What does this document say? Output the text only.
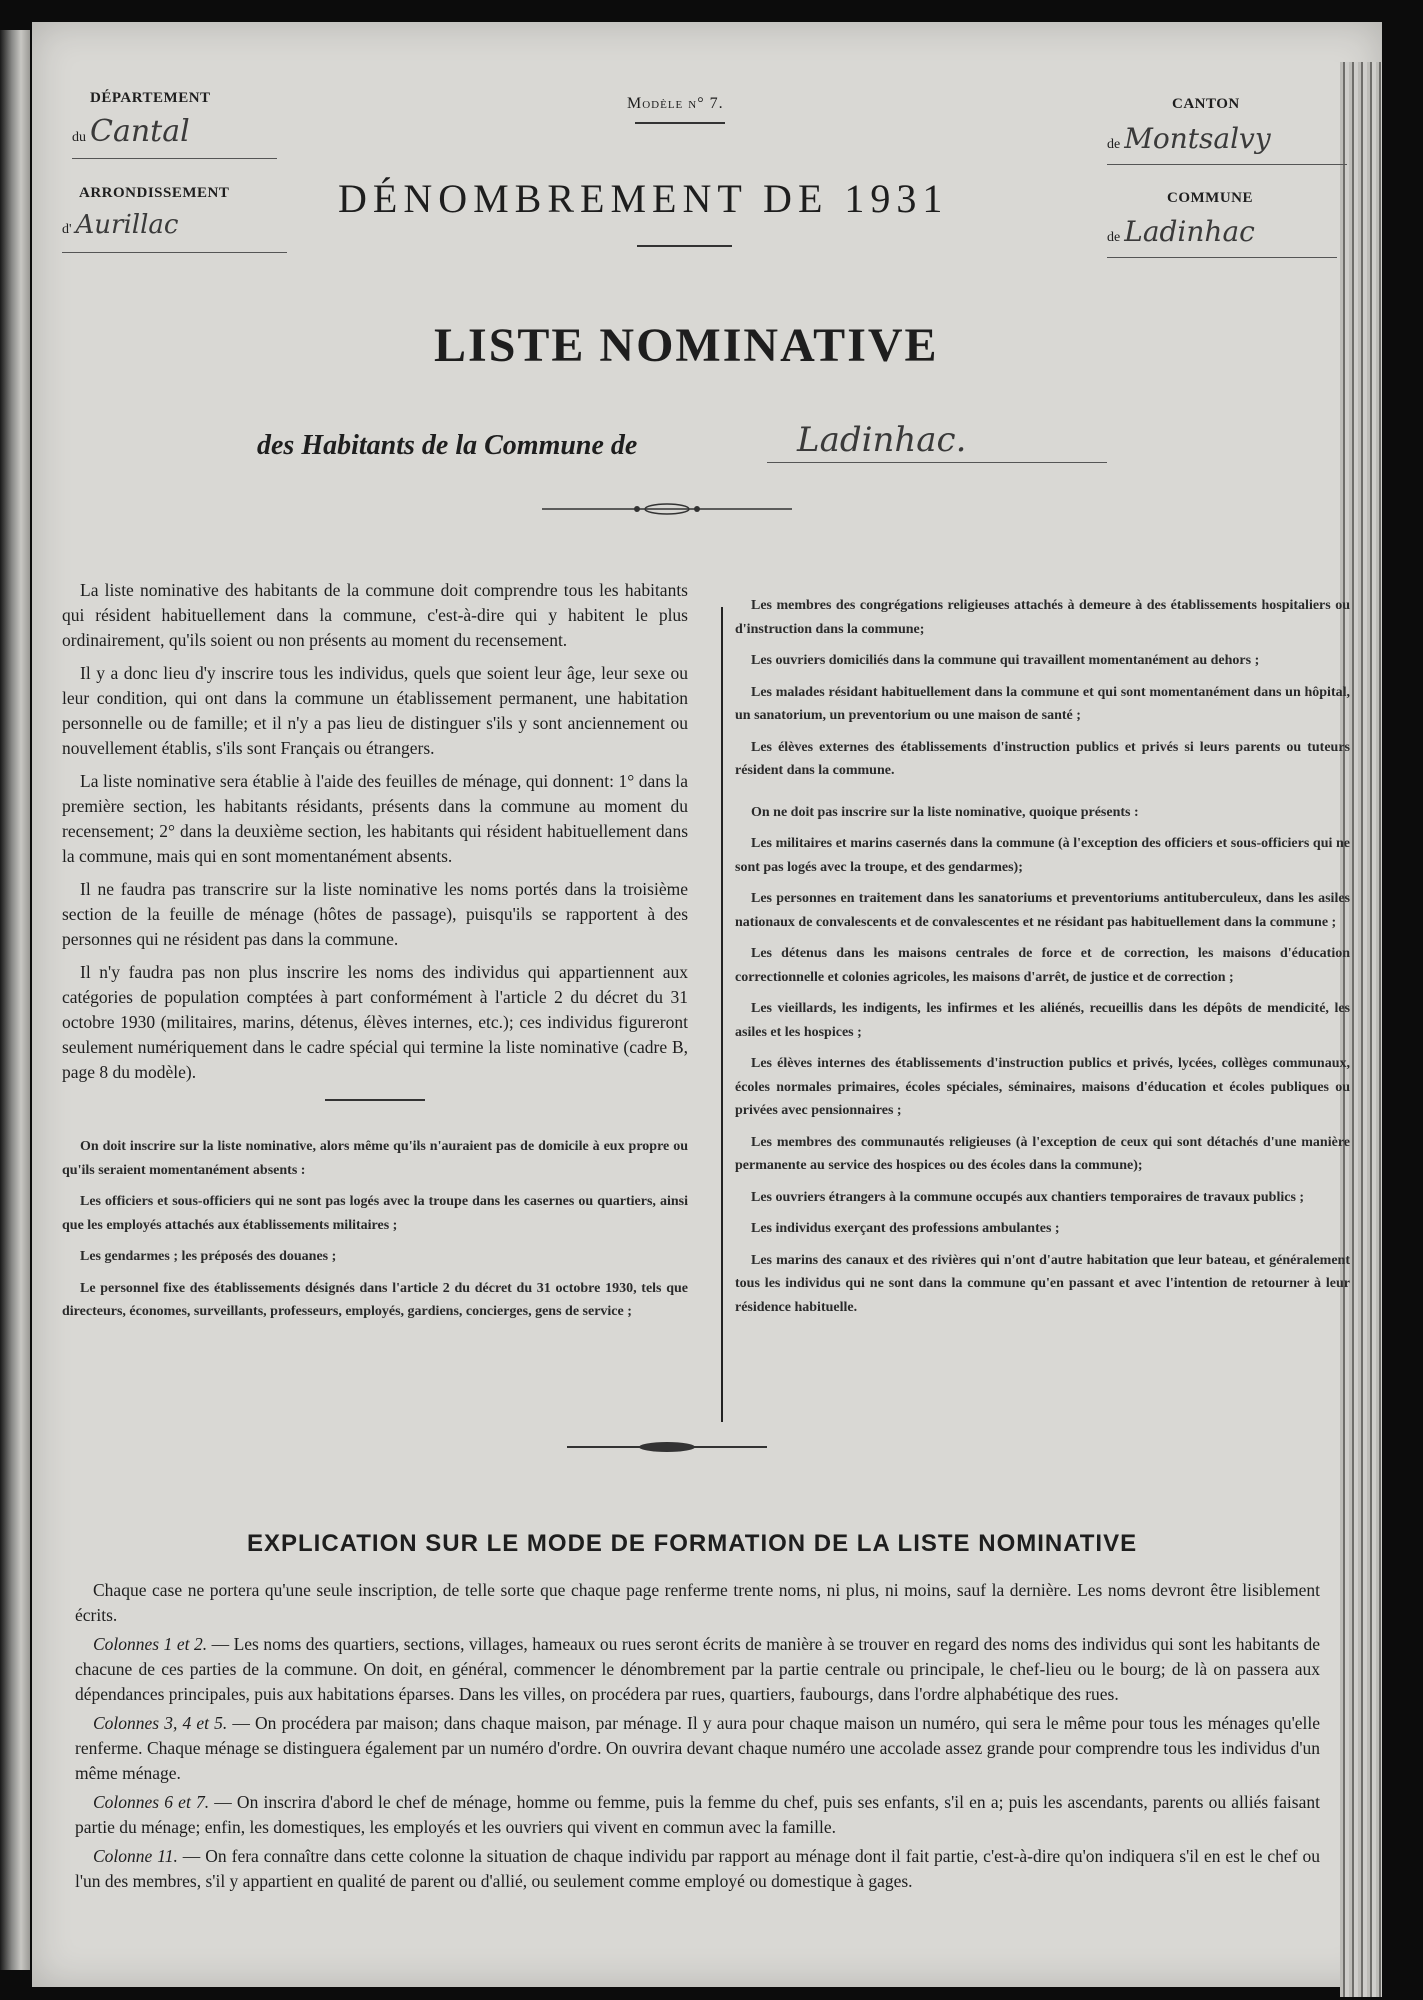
DÉPARTEMENT
du Cantal
ARRONDISSEMENT
d' Aurillac
Modèle n° 7.
DÉNOMBREMENT DE 1931
CANTON
de Montsalvy
COMMUNE
de Ladinhac
LISTE NOMINATIVE
des Habitants de la Commune de	Ladinhac.

La liste nominative des habitants de la commune doit comprendre tous les habitants qui résident habituellement dans la commune, c'est-à-dire qui y habitent le plus ordinairement, qu'ils soient ou non présents au moment du recensement.

Il y a donc lieu d'y inscrire tous les individus, quels que soient leur âge, leur sexe ou leur condition, qui ont dans la commune un établissement permanent, une habitation personnelle ou de famille; et il n'y a pas lieu de distinguer s'ils y sont anciennement ou nouvellement établis, s'ils sont Français ou étrangers.

La liste nominative sera établie à l'aide des feuilles de ménage, qui donnent: 1° dans la première section, les habitants résidants, présents dans la commune au moment du recensement; 2° dans la deuxième section, les habitants qui résident habituellement dans la commune, mais qui en sont momentanément absents.

Il ne faudra pas transcrire sur la liste nominative les noms portés dans la troisième section de la feuille de ménage (hôtes de passage), puisqu'ils se rapportent à des personnes qui ne résident pas dans la commune.

Il n'y faudra pas non plus inscrire les noms des individus qui appartiennent aux catégories de population comptées à part conformément à l'article 2 du décret du 31 octobre 1930 (militaires, marins, détenus, élèves internes, etc.); ces individus figureront seulement numériquement dans le cadre spécial qui termine la liste nominative (cadre B, page 8 du modèle).

On doit inscrire sur la liste nominative, alors même qu'ils n'auraient pas de domicile à eux propre ou qu'ils seraient momentanément absents :

Les officiers et sous-officiers qui ne sont pas logés avec la troupe dans les casernes ou quartiers, ainsi que les employés attachés aux établissements militaires ;

Les gendarmes ; les préposés des douanes ;

Le personnel fixe des établissements désignés dans l'article 2 du décret du 31 octobre 1930, tels que directeurs, économes, surveillants, professeurs, employés, gardiens, concierges, gens de service ;

Les membres des congrégations religieuses attachés à demeure à des établissements hospitaliers ou d'instruction dans la commune;

Les ouvriers domiciliés dans la commune qui travaillent momentanément au dehors ;

Les malades résidant habituellement dans la commune et qui sont momentanément dans un hôpital, un sanatorium, un preventorium ou une maison de santé ;

Les élèves externes des établissements d'instruction publics et privés si leurs parents ou tuteurs résident dans la commune.

On ne doit pas inscrire sur la liste nominative, quoique présents :

Les militaires et marins casernés dans la commune (à l'exception des officiers et sous-officiers qui ne sont pas logés avec la troupe, et des gendarmes);

Les personnes en traitement dans les sanatoriums et preventoriums antituberculeux, dans les asiles nationaux de convalescents et de convalescentes et ne résidant pas habituellement dans la commune ;

Les détenus dans les maisons centrales de force et de correction, les maisons d'éducation correctionnelle et colonies agricoles, les maisons d'arrêt, de justice et de correction ;

Les vieillards, les indigents, les infirmes et les aliénés, recueillis dans les dépôts de mendicité, les asiles et les hospices ;

Les élèves internes des établissements d'instruction publics et privés, lycées, collèges communaux, écoles normales primaires, écoles spéciales, séminaires, maisons d'éducation et écoles publiques ou privées avec pensionnaires ;

Les membres des communautés religieuses (à l'exception de ceux qui sont détachés d'une manière permanente au service des hospices ou des écoles dans la commune);

Les ouvriers étrangers à la commune occupés aux chantiers temporaires de travaux publics ;

Les individus exerçant des professions ambulantes ;

Les marins des canaux et des rivières qui n'ont d'autre habitation que leur bateau, et généralement tous les individus qui ne sont dans la commune qu'en passant et avec l'intention de retourner à leur résidence habituelle.

EXPLICATION SUR LE MODE DE FORMATION DE LA LISTE NOMINATIVE

Chaque case ne portera qu'une seule inscription, de telle sorte que chaque page renferme trente noms, ni plus, ni moins, sauf la dernière. Les noms devront être lisiblement écrits.

Colonnes 1 et 2. — Les noms des quartiers, sections, villages, hameaux ou rues seront écrits de manière à se trouver en regard des noms des individus qui sont les habitants de chacune de ces parties de la commune. On doit, en général, commencer le dénombrement par la partie centrale ou principale, le chef-lieu ou le bourg; de là on passera aux dépendances principales, puis aux habitations éparses. Dans les villes, on procédera par rues, quartiers, faubourgs, dans l'ordre alphabétique des rues.

Colonnes 3, 4 et 5. — On procédera par maison; dans chaque maison, par ménage. Il y aura pour chaque maison un numéro, qui sera le même pour tous les ménages qu'elle renferme. Chaque ménage se distinguera également par un numéro d'ordre. On ouvrira devant chaque numéro une accolade assez grande pour comprendre tous les individus d'un même ménage.

Colonnes 6 et 7. — On inscrira d'abord le chef de ménage, homme ou femme, puis la femme du chef, puis ses enfants, s'il en a; puis les ascendants, parents ou alliés faisant partie du ménage; enfin, les domestiques, les employés et les ouvriers qui vivent en commun avec la famille.

Colonne 11. — On fera connaître dans cette colonne la situation de chaque individu par rapport au ménage dont il fait partie, c'est-à-dire qu'on indiquera s'il en est le chef ou l'un des membres, s'il y appartient en qualité de parent ou d'allié, ou seulement comme employé ou domestique à gages.
